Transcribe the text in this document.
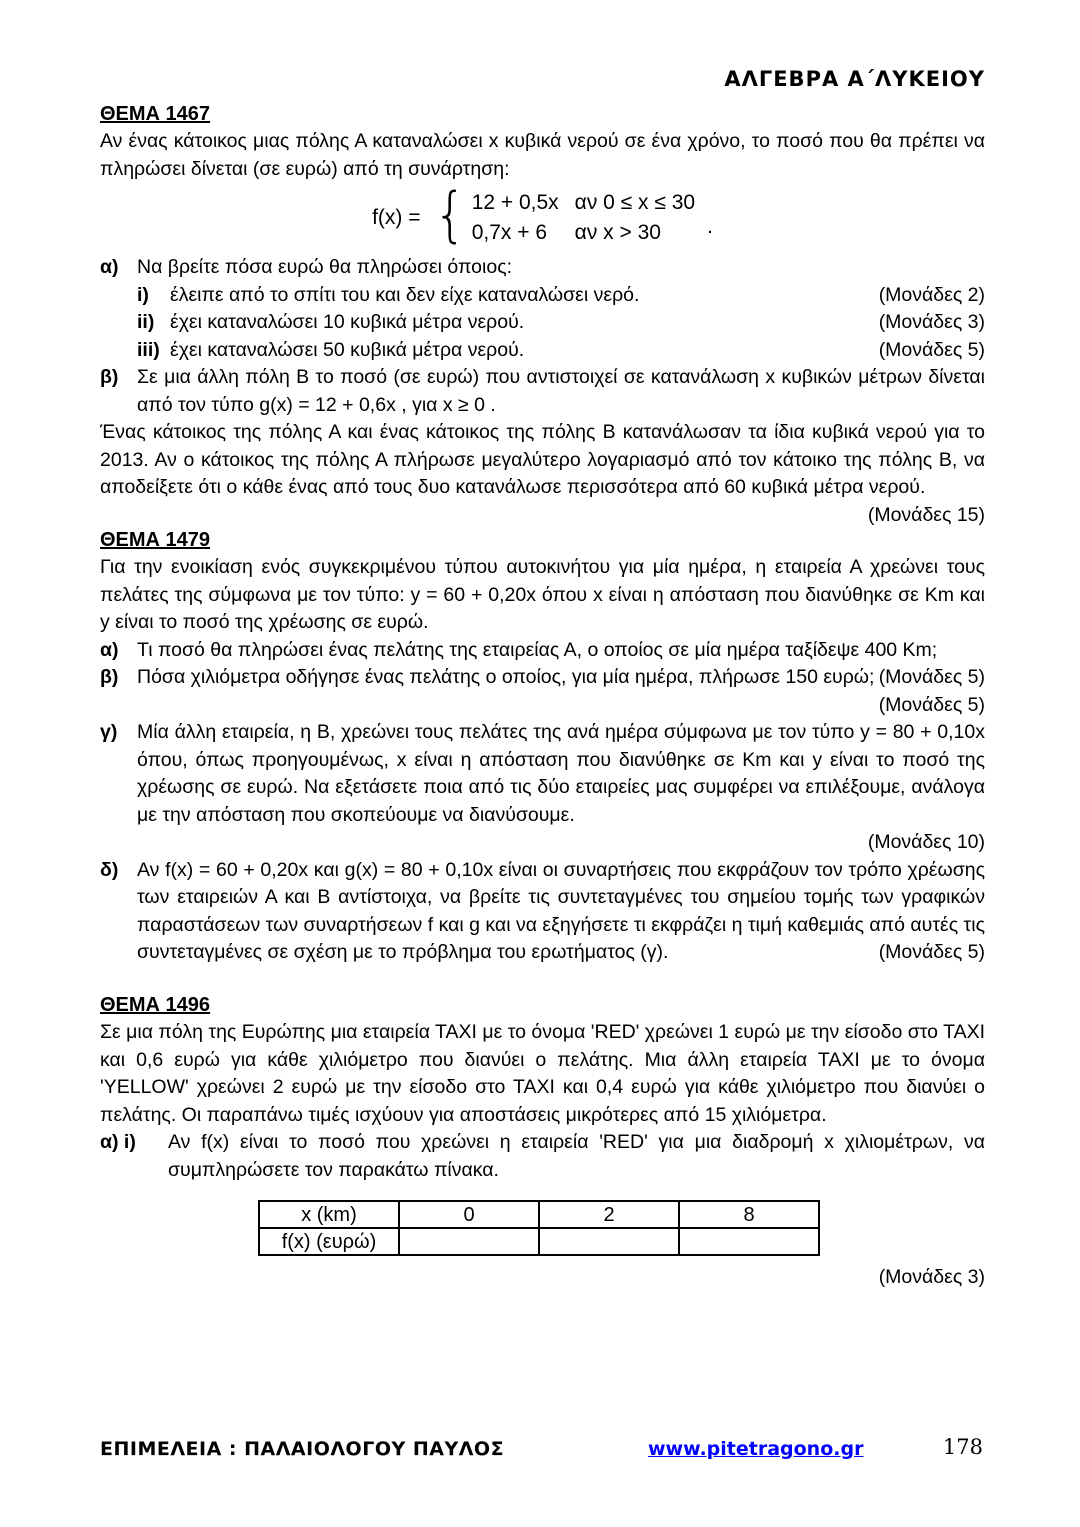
ΑΛΓΕΒΡΑ Α΄ΛΥΚΕΙΟΥ
ΘΕΜΑ 1467

Αν ένας κάτοικος μιας πόλης Α καταναλώσει x κυβικά νερού σε ένα χρόνο, το ποσό που θα πρέπει να πληρώσει δίνεται (σε ευρώ) από τη συνάρτηση:

f(x) = { 12 + 0,5x αν 0 ≤ x ≤ 30
0,7x + 6	αν x > 30	.
α) Να βρείτε πόσα ευρώ θα πληρώσει όποιος:
i)	έλειπε από το σπίτι του και δεν είχε καταναλώσει νερό.	(Μονάδες 2)
ii) έχει καταναλώσει 10 κυβικά μέτρα νερού.	(Μονάδες 3)
iii) έχει καταναλώσει 50 κυβικά μέτρα νερού.	(Μονάδες 5)
β) Σε μια άλλη πόλη Β το ποσό (σε ευρώ) που αντιστοιχεί σε κατανάλωση x κυβικών μέτρων δίνεται από τον τύπο g(x) = 12 + 0,6x , για x ≥ 0 .

Ένας κάτοικος της πόλης Α και ένας κάτοικος της πόλης Β κατανάλωσαν τα ίδια κυβικά νερού για το 2013. Αν ο κάτοικος της πόλης Α πλήρωσε μεγαλύτερο λογαριασμό από τον κάτοικο της πόλης Β, να αποδείξετε ότι ο κάθε ένας από τους δυο κατανάλωσε περισσότερα από 60 κυβικά μέτρα νερού.
(Μονάδες 15)

ΘΕΜΑ 1479

Για την ενοικίαση ενός συγκεκριμένου τύπου αυτοκινήτου για μία ημέρα, η εταιρεία Α χρεώνει τους πελάτες της σύμφωνα με τον τύπο: y = 60 + 0,20x όπου x είναι η απόσταση που διανύθηκε σε Km και y είναι το ποσό της χρέωσης σε ευρώ.

α) Τι ποσό θα πληρώσει ένας πελάτης της εταιρείας Α, ο οποίος σε μία ημέρα ταξίδεψε 400 Km;
(Μονάδες 5)
β) Πόσα χιλιόμετρα οδήγησε ένας πελάτης ο οποίος, για μία ημέρα, πλήρωσε 150 ευρώ;
(Μονάδες 5)
γ) Μία άλλη εταιρεία, η Β, χρεώνει τους πελάτες της ανά ημέρα σύμφωνα με τον τύπο y = 80 + 0,10x όπου, όπως προηγουμένως, x είναι η απόσταση που διανύθηκε σε Km και y είναι το ποσό της χρέωσης σε ευρώ. Να εξετάσετε ποια από τις δύο εταιρείες μας συμφέρει να επιλέξουμε, ανάλογα με την απόσταση που σκοπεύουμε να διανύσουμε.
(Μονάδες 10)
δ) Αν f(x) = 60 + 0,20x και g(x) = 80 + 0,10x είναι οι συναρτήσεις που εκφράζουν τον τρόπο χρέωσης των εταιρειών Α και Β αντίστοιχα, να βρείτε τις συντεταγμένες του σημείου τομής των γραφικών παραστάσεων των συναρτήσεων f και g και να εξηγήσετε τι εκφράζει η τιμή καθεμιάς από αυτές τις συντεταγμένες σε σχέση με το πρόβλημα του ερωτήματος (γ).	(Μονάδες 5)
ΘΕΜΑ 1496

Σε μια πόλη της Ευρώπης μια εταιρεία ΤΑΧΙ με το όνομα 'RED' χρεώνει 1 ευρώ με την είσοδο στο ΤΑΧΙ και 0,6 ευρώ για κάθε χιλιόμετρο που διανύει ο πελάτης. Μια άλλη εταιρεία ΤΑΧΙ με το όνομα 'YELLOW' χρεώνει 2 ευρώ με την είσοδο στο ΤΑΧΙ και 0,4 ευρώ για κάθε χιλιόμετρο που διανύει ο πελάτης. Οι παραπάνω τιμές ισχύουν για αποστάσεις μικρότερες από 15 χιλιόμετρα.

α) i) Αν f(x) είναι το ποσό που χρεώνει η εταιρεία 'RED' για μια διαδρομή x χιλιομέτρων, να συμπληρώσετε τον παρακάτω πίνακα.
x (km)	0	2	8
f(x) (ευρώ)			
(Μονάδες 3)
ΕΠΙΜΕΛΕΙΑ : ΠΑΛΑΙΟΛΟΓΟΥ ΠΑΥΛΟΣ	www.pitetragono.gr	178
